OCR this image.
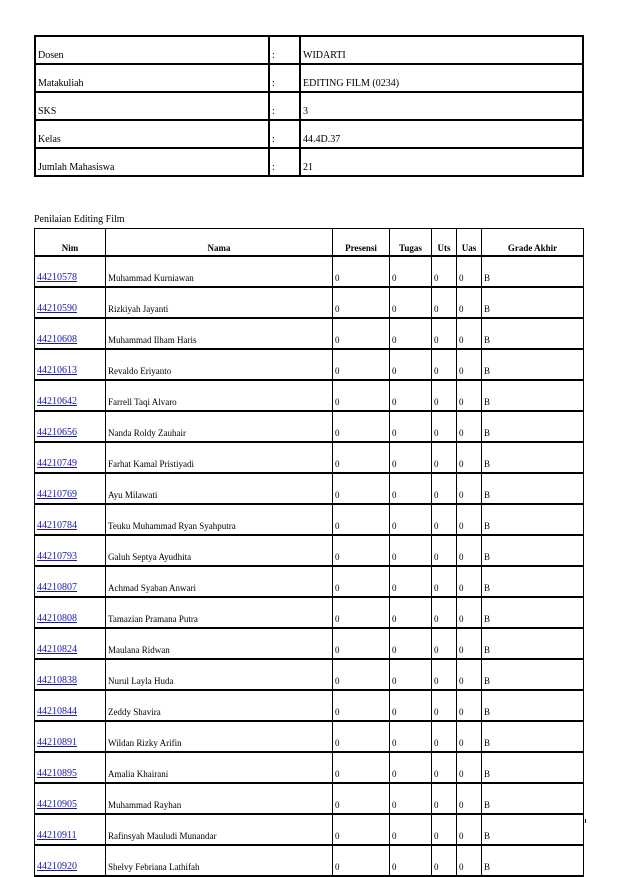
Dosen	:	WIDARTI
Matakuliah	:	EDITING FILM (0234)
SKS	:	3
Kelas	:	44.4D.37
Jumlah Mahasiswa	:	21

Penilaian Editing Film

Nim	Nama	Presensi	Tugas	Uts	Uas	Grade Akhir
44210578	Muhammad Kurniawan	0	0	0	0	B
44210590	Rizkiyah Jayanti	0	0	0	0	B
44210608	Muhammad Ilham Haris	0	0	0	0	B
44210613	Revaldo Eriyanto	0	0	0	0	B
44210642	Farrell Taqi Alvaro	0	0	0	0	B
44210656	Nanda Roldy Zauhair	0	0	0	0	B
44210749	Farhat Kamal Pristiyadi	0	0	0	0	B
44210769	Ayu Milawati	0	0	0	0	B
44210784	Teuku Muhammad Ryan Syahputra	0	0	0	0	B
44210793	Galuh Septya Ayudhita	0	0	0	0	B
44210807	Achmad Syaban Anwari	0	0	0	0	B
44210808	Tamazian Pramana Putra	0	0	0	0	B
44210824	Maulana Ridwan	0	0	0	0	B
44210838	Nurul Layla Huda	0	0	0	0	B
44210844	Zeddy Shavira	0	0	0	0	B
44210891	Wildan Rizky Arifin	0	0	0	0	B
44210895	Amalia Khairani	0	0	0	0	B
44210905	Muhammad Rayhan	0	0	0	0	B
44210911	Rafinsyah Mauludi Munandar	0	0	0	0	B
44210920	Shelvy Febriana Lathifah	0	0	0	0	B
